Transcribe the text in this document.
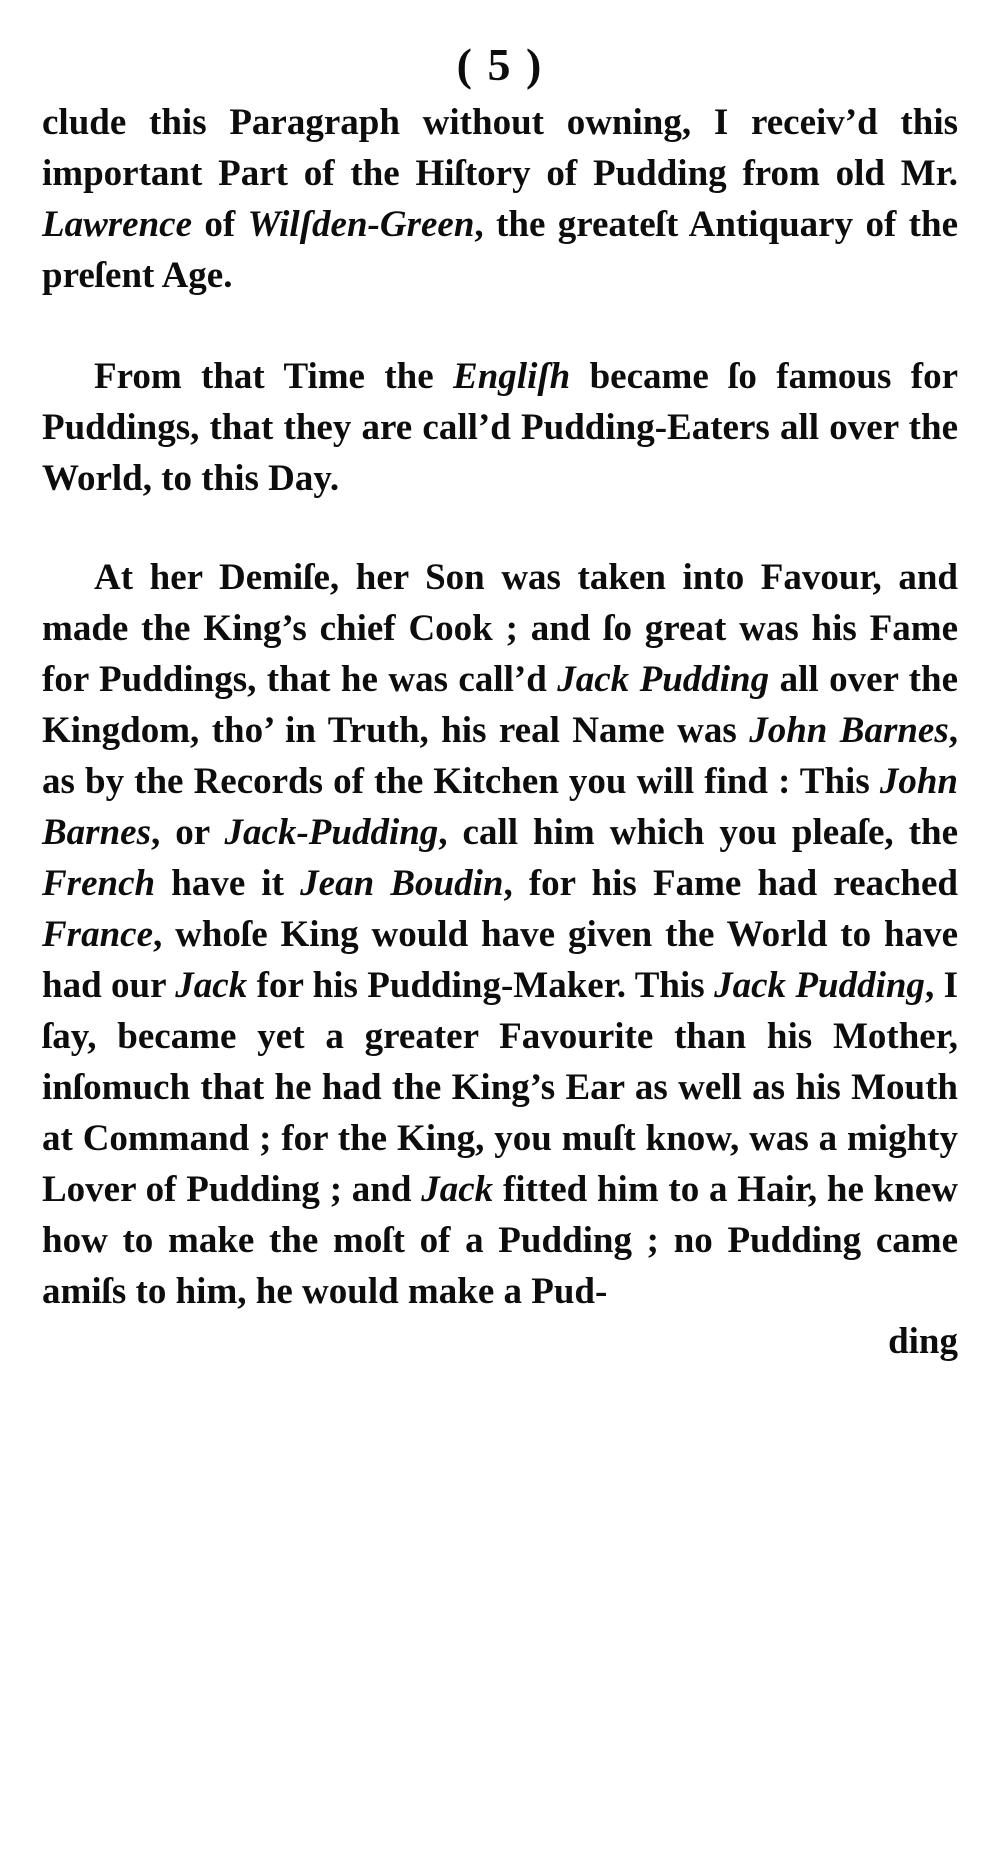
( 5 )

clude this Paragraph without owning, I receiv’d this important Part of the Hiſtory of Pudding from old Mr. Lawrence of Wilſden-Green, the greateſt Antiquary of the preſent Age.

From that Time the Engliſh became ſo famous for Puddings, that they are call’d Pudding-Eaters all over the World, to this Day.

At her Demiſe, her Son was taken into Favour, and made the King’s chief Cook ; and ſo great was his Fame for Puddings, that he was call’d Jack Pudding all over the Kingdom, tho’ in Truth, his real Name was John Barnes, as by the Records of the Kitchen you will find : This John Barnes, or Jack-Pudding, call him which you pleaſe, the French have it Jean Boudin, for his Fame had reached France, whoſe King would have given the World to have had our Jack for his Pudding-Maker. This Jack Pudding, I ſay, became yet a greater Favourite than his Mother, inſomuch that he had the King’s Ear as well as his Mouth at Command ; for the King, you muſt know, was a mighty Lover of Pudding ; and Jack fitted him to a Hair, he knew how to make the moſt of a Pudding ; no Pudding came amiſs to him, he would make a Pud-

ding
